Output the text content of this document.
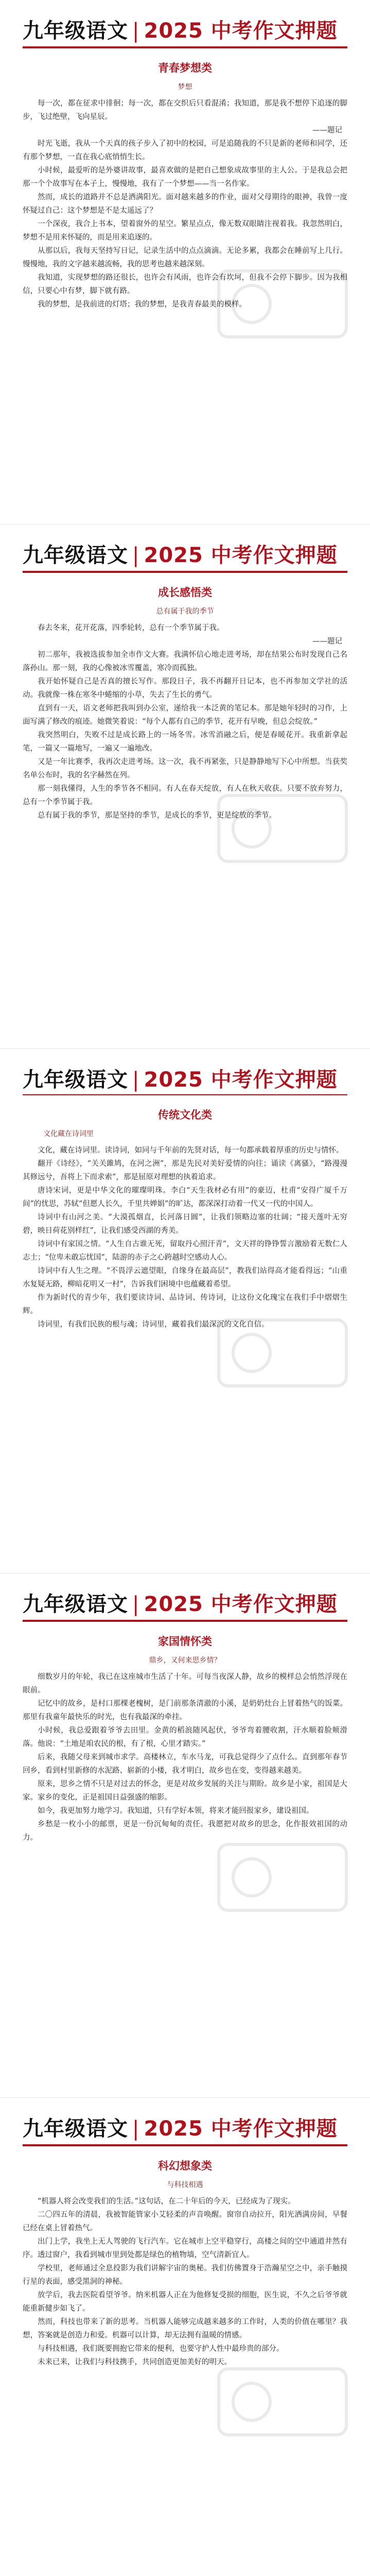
九年级语文 | 2025 中考作文押题
青春梦想类
梦想

每一次，都在征求中徘徊；每一次，都在交织后只看混淆；我知道，那是我不想停下追逐的脚步，飞过绝壁，飞向星辰。

——题记

时光飞逝，我从一个天真的孩子步入了初中的校园，可是追随我的不只是新的老师和同学，还有那个梦想，一直在我心底悄悄生长。

小时候，最爱听的是外婆讲故事，最喜欢做的是把自己想象成故事里的主人公。于是我总会把那一个个故事写在本子上，慢慢地，我有了一个梦想——当一名作家。

然而，成长的道路并不总是洒满阳光。面对越来越多的作业，面对父母期待的眼神，我曾一度怀疑过自己：这个梦想是不是太遥远了？

一个深夜，我合上书本，望着窗外的星空。繁星点点，像无数双眼睛注视着我。我忽然明白，梦想不是用来怀疑的，而是用来追逐的。

从那以后，我每天坚持写日记，记录生活中的点点滴滴。无论多累，我都会在睡前写上几行。慢慢地，我的文字越来越流畅，我的思考也越来越深刻。

我知道，实现梦想的路还很长，也许会有风雨，也许会有坎坷，但我不会停下脚步。因为我相信，只要心中有梦，脚下就有路。

我的梦想，是我前进的灯塔；我的梦想，是我青春最美的模样。

九年级语文 | 2025 中考作文押题
成长感悟类
总有属于我的季节

春去冬来，花开花落，四季轮转，总有一个季节属于我。

——题记

初二那年，我被选拔参加全市作文大赛。我满怀信心地走进考场，却在结果公布时发现自己名落孙山。那一刻，我的心像被冰雪覆盖，寒冷而孤独。

我开始怀疑自己是否真的擅长写作。那段日子，我不再翻开日记本，也不再参加文学社的活动。我就像一株在寒冬中蜷缩的小草，失去了生长的勇气。

直到有一天，语文老师把我叫到办公室，递给我一本泛黄的笔记本。那是她年轻时的习作，上面写满了修改的痕迹。她微笑着说：“每个人都有自己的季节，花开有早晚，但总会绽放。”

我突然明白，失败不过是成长路上的一场冬雪。冰雪消融之后，便是春暖花开。我重新拿起笔，一篇又一篇地写，一遍又一遍地改。

又是一年比赛季，我再次走进考场。这一次，我不再紧张，只是静静地写下心中所想。当获奖名单公布时，我的名字赫然在列。

那一刻我懂得，人生的季节各不相同。有人在春天绽放，有人在秋天收获。只要不放弃努力，总有一个季节属于我。

总有属于我的季节，那是坚持的季节，是成长的季节，更是绽放的季节。

九年级语文 | 2025 中考作文押题
传统文化类
文化藏在诗词里

文化，藏在诗词里。读诗词，如同与千年前的先贤对话，每一句都承载着厚重的历史与情怀。

翻开《诗经》，“关关雎鸠，在河之洲”，那是先民对美好爱情的向往；诵读《离骚》，“路漫漫其修远兮，吾将上下而求索”，那是屈原对理想的执着追求。

唐诗宋词，更是中华文化的璀璨明珠。李白“天生我材必有用”的豪迈，杜甫“安得广厦千万间”的忧思，苏轼“但愿人长久，千里共婵娟”的旷达，都深深打动着一代又一代的中国人。

诗词中有山河之美。“大漠孤烟直，长河落日圆”，让我们领略边塞的壮阔；“接天莲叶无穷碧，映日荷花别样红”，让我们感受西湖的秀美。

诗词中有家国之情。“人生自古谁无死，留取丹心照汗青”，文天祥的铮铮誓言激励着无数仁人志士；“位卑未敢忘忧国”，陆游的赤子之心跨越时空感动人心。

诗词中有人生之理。“不畏浮云遮望眼，自缘身在最高层”，教我们站得高才能看得远；“山重水复疑无路，柳暗花明又一村”，告诉我们困境中也蕴藏着希望。

作为新时代的青少年，我们要读诗词、品诗词、传诗词，让这份文化瑰宝在我们手中熠熠生辉。

诗词里，有我们民族的根与魂；诗词里，藏着我们最深沉的文化自信。

九年级语文 | 2025 中考作文押题
家国情怀类
鼎乡，又何来思乡情？

细数岁月的年轮，我已在这座城市生活了十年。可每当夜深人静，故乡的模样总会悄然浮现在眼前。

记忆中的故乡，是村口那棵老槐树，是门前那条清澈的小溪，是奶奶灶台上冒着热气的饭菜。那里有我童年最快乐的时光，也有我最深的牵挂。

小时候，我总爱跟着爷爷去田里。金黄的稻浪随风起伏，爷爷弯着腰收割，汗水顺着脸颊滑落。他说：“土地是咱农民的根，有了根，心里才踏实。”

后来，我随父母来到城市求学。高楼林立，车水马龙，可我总觉得少了点什么。直到那年春节回乡，看到村里新修的水泥路、崭新的小楼，我才明白，故乡也在变，变得越来越美。

原来，思乡之情不只是对过去的怀念，更是对故乡发展的关注与期盼。故乡是小家，祖国是大家。家乡的变化，正是祖国日益强盛的缩影。

如今，我更加努力地学习。我知道，只有学好本领，将来才能回报家乡，建设祖国。

乡愁是一枚小小的邮票，更是一份沉甸甸的责任。我愿把对故乡的思念，化作报效祖国的动力。

九年级语文 | 2025 中考作文押题
科幻想象类
与科技相遇

“机器人将会改变我们的生活。”这句话，在二十年后的今天，已经成为了现实。

二〇四五年的清晨，我被智能管家小艾轻柔的声音唤醒。窗帘自动拉开，阳光洒满房间，早餐已经在桌上冒着热气。

出门上学，我坐上无人驾驶的飞行汽车。它在城市上空平稳穿行，高楼之间的空中通道井然有序。透过窗户，我看到城市里到处都是绿色的植物墙，空气清新宜人。

学校里，老师通过全息投影为我们讲解宇宙的奥秘。我们仿佛置身于浩瀚星空之中，亲手触摸行星的表面，感受黑洞的神秘。

放学后，我去医院看望爷爷。纳米机器人正在为他修复受损的细胞，医生说，不久之后爷爷就能重新健步如飞了。

然而，科技也带来了新的思考。当机器人能够完成越来越多的工作时，人类的价值在哪里？我想，答案就是创造力和爱。机器可以计算，却无法拥有温暖的情感。

与科技相遇，我们既要拥抱它带来的便利，也要守护人性中最珍贵的部分。

未来已来，让我们与科技携手，共同创造更加美好的明天。
